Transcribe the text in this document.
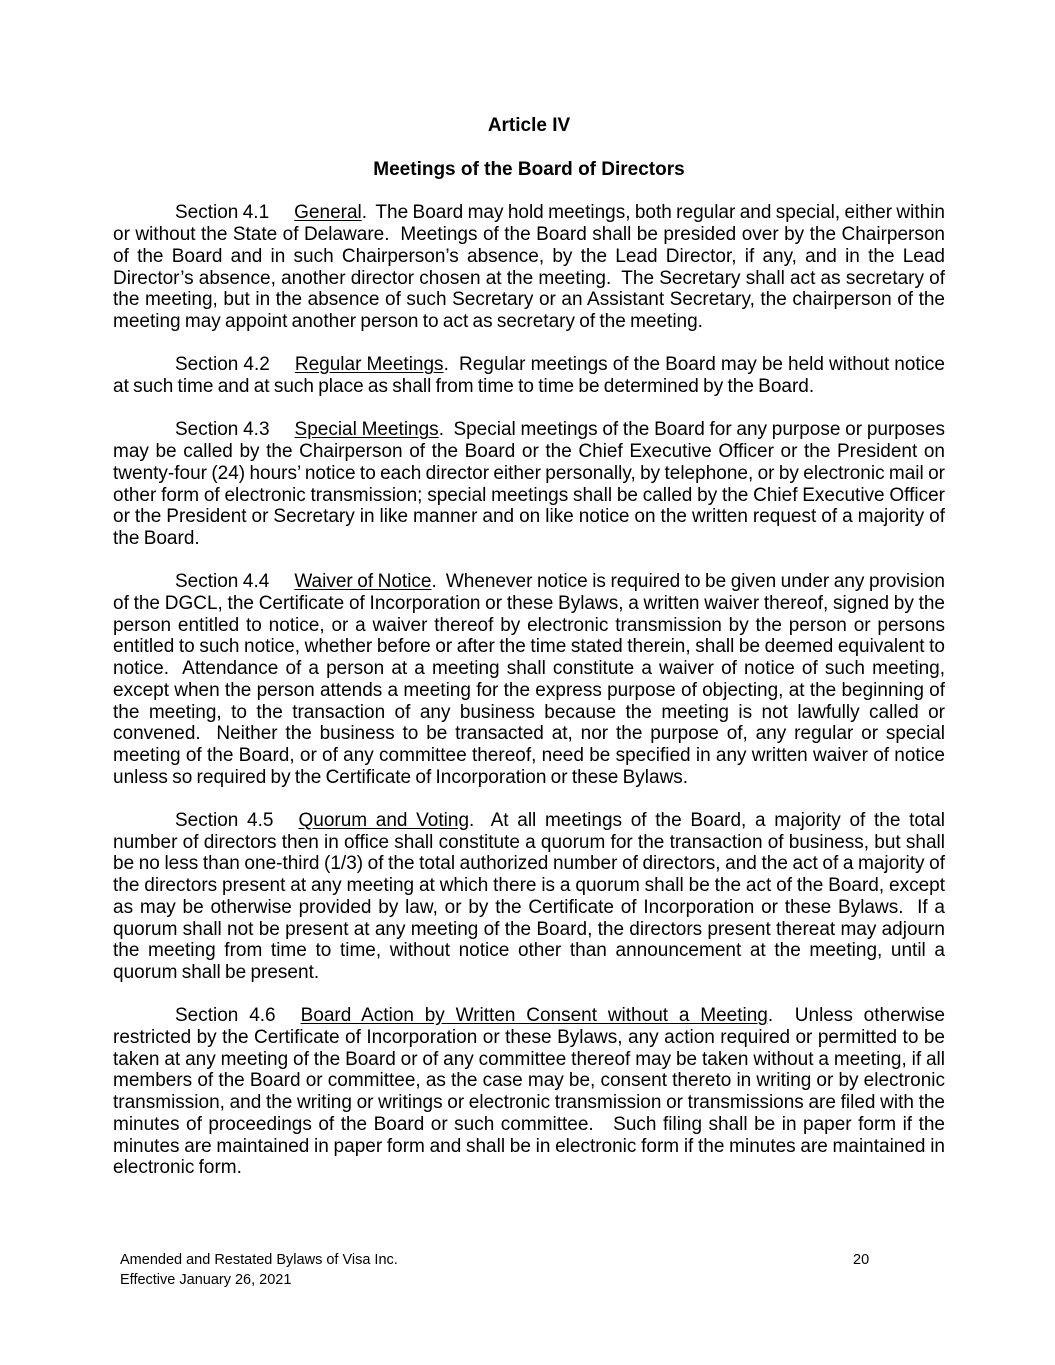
Article IV
Meetings of the Board of Directors

Section 4.1 General.  The Board may hold meetings, both regular and special, either within or without the State of Delaware.  Meetings of the Board shall be presided over by the Chairperson of the Board and in such Chairperson’s absence, by the Lead Director, if any, and in the Lead Director’s absence, another director chosen at the meeting.  The Secretary shall act as secretary of the meeting, but in the absence of such Secretary or an Assistant Secretary, the chairperson of the meeting may appoint another person to act as secretary of the meeting.

Section 4.2 Regular Meetings.  Regular meetings of the Board may be held without notice at such time and at such place as shall from time to time be determined by the Board.

Section 4.3 Special Meetings.  Special meetings of the Board for any purpose or purposes may be called by the Chairperson of the Board or the Chief Executive Officer or the President on twenty-four (24) hours’ notice to each director either personally, by telephone, or by electronic mail or other form of electronic transmission; special meetings shall be called by the Chief Executive Officer or the President or Secretary in like manner and on like notice on the written request of a majority of the Board.

Section 4.4 Waiver of Notice.  Whenever notice is required to be given under any provision of the DGCL, the Certificate of Incorporation or these Bylaws, a written waiver thereof, signed by the person entitled to notice, or a waiver thereof by electronic transmission by the person or persons entitled to such notice, whether before or after the time stated therein, shall be deemed equivalent to notice.  Attendance of a person at a meeting shall constitute a waiver of notice of such meeting, except when the person attends a meeting for the express purpose of objecting, at the beginning of the meeting, to the transaction of any business because the meeting is not lawfully called or convened.  Neither the business to be transacted at, nor the purpose of, any regular or special meeting of the Board, or of any committee thereof, need be specified in any written waiver of notice unless so required by the Certificate of Incorporation or these Bylaws.

Section 4.5 Quorum and Voting.  At all meetings of the Board, a majority of the total number of directors then in office shall constitute a quorum for the transaction of business, but shall be no less than one-third (1/3) of the total authorized number of directors, and the act of a majority of the directors present at any meeting at which there is a quorum shall be the act of the Board, except as may be otherwise provided by law, or by the Certificate of Incorporation or these Bylaws.  If a quorum shall not be present at any meeting of the Board, the directors present thereat may adjourn the meeting from time to time, without notice other than announcement at the meeting, until a quorum shall be present.

Section 4.6 Board Action by Written Consent without a Meeting.  Unless otherwise restricted by the Certificate of Incorporation or these Bylaws, any action required or permitted to be taken at any meeting of the Board or of any committee thereof may be taken without a meeting, if all members of the Board or committee, as the case may be, consent thereto in writing or by electronic transmission, and the writing or writings or electronic transmission or transmissions are filed with the minutes of proceedings of the Board or such committee.   Such filing shall be in paper form if the minutes are maintained in paper form and shall be in electronic form if the minutes are maintained in electronic form.

Amended and Restated Bylaws of Visa Inc.
Effective January 26, 2021
20
